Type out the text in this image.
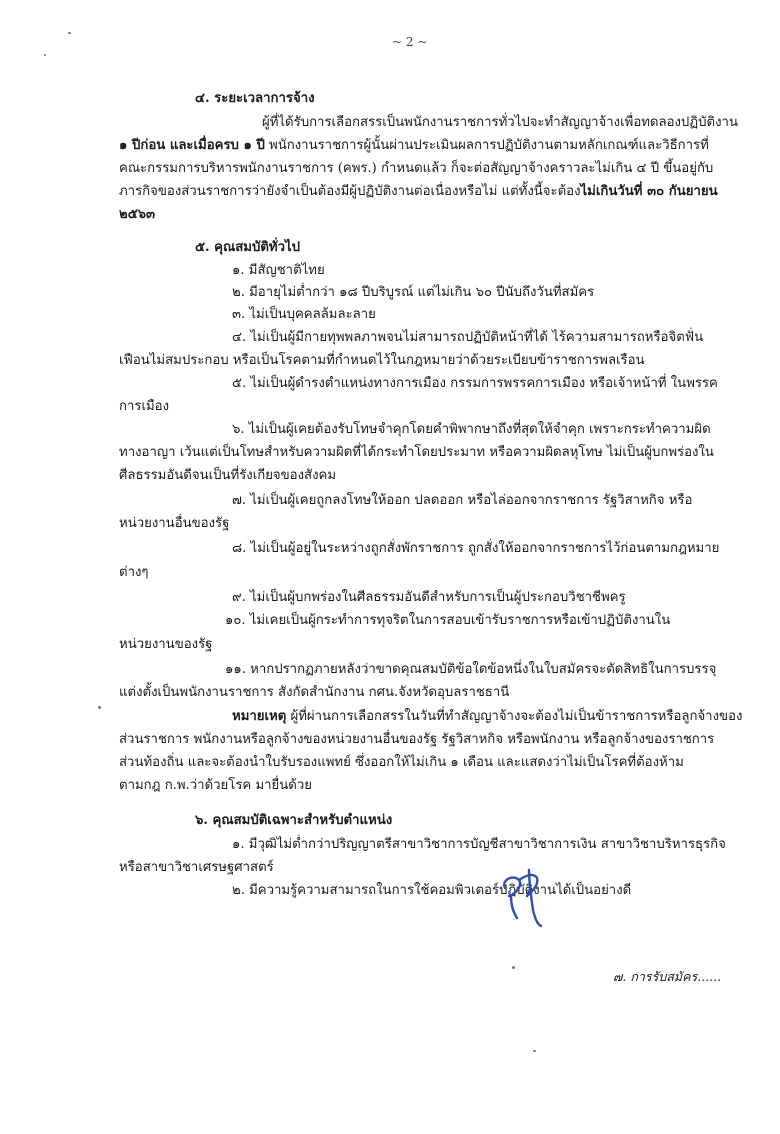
~ 2 ~
๔. ระยะเวลาการจ้าง
ผู้ที่ได้รับการเลือกสรรเป็นพนักงานราชการทั่วไปจะทำสัญญาจ้างเพื่อทดลองปฏิบัติงาน
๑ ปีก่อน และเมื่อครบ ๑ ปี พนักงานราชการผู้นั้นผ่านประเมินผลการปฏิบัติงานตามหลักเกณฑ์และวิธีการที่
คณะกรรมการบริหารพนักงานราชการ (คพร.) กำหนดแล้ว ก็จะต่อสัญญาจ้างคราวละไม่เกิน ๔ ปี ขึ้นอยู่กับ
ภารกิจของส่วนราชการว่ายังจำเป็นต้องมีผู้ปฏิบัติงานต่อเนื่องหรือไม่ แต่ทั้งนี้จะต้องไม่เกินวันที่ ๓๐ กันยายน
๒๕๖๓
๕. คุณสมบัติทั่วไป
๑. มีสัญชาติไทย
๒. มีอายุไม่ต่ำกว่า ๑๘ ปีบริบูรณ์ แต่ไม่เกิน ๖๐ ปีนับถึงวันที่สมัคร
๓. ไม่เป็นบุคคลล้มละลาย
๔. ไม่เป็นผู้มีกายทุพพลภาพจนไม่สามารถปฏิบัติหน้าที่ได้ ไร้ความสามารถหรือจิตฟั่น
เฟือนไม่สมประกอบ หรือเป็นโรคตามที่กำหนดไว้ในกฎหมายว่าด้วยระเบียบข้าราชการพลเรือน
๕. ไม่เป็นผู้ดำรงตำแหน่งทางการเมือง กรรมการพรรคการเมือง หรือเจ้าหน้าที่ ในพรรค
การเมือง
๖. ไม่เป็นผู้เคยต้องรับโทษจำคุกโดยคำพิพากษาถึงที่สุดให้จำคุก เพราะกระทำความผิด
ทางอาญา เว้นแต่เป็นโทษสำหรับความผิดที่ได้กระทำโดยประมาท หรือความผิดลหุโทษ ไม่เป็นผู้บกพร่องใน
ศีลธรรมอันดีจนเป็นที่รังเกียจของสังคม
๗. ไม่เป็นผู้เคยถูกลงโทษให้ออก ปลดออก หรือไล่ออกจากราชการ รัฐวิสาหกิจ หรือ
หน่วยงานอื่นของรัฐ
๘. ไม่เป็นผู้อยู่ในระหว่างถูกสั่งพักราชการ ถูกสั่งให้ออกจากราชการไว้ก่อนตามกฎหมาย
ต่างๆ
๙. ไม่เป็นผู้บกพร่องในศีลธรรมอันดีสำหรับการเป็นผู้ประกอบวิชาชีพครู
๑๐. ไม่เคยเป็นผู้กระทำการทุจริตในการสอบเข้ารับราชการหรือเข้าปฏิบัติงานใน
หน่วยงานของรัฐ
๑๑. หากปรากฏภายหลังว่าขาดคุณสมบัติข้อใดข้อหนึ่งในใบสมัครจะตัดสิทธิในการบรรจุ
แต่งตั้งเป็นพนักงานราชการ สังกัดสำนักงาน กศน.จังหวัดอุบลราชธานี
หมายเหตุ ผู้ที่ผ่านการเลือกสรรในวันที่ทำสัญญาจ้างจะต้องไม่เป็นข้าราชการหรือลูกจ้างของ
ส่วนราชการ พนักงานหรือลูกจ้างของหน่วยงานอื่นของรัฐ รัฐวิสาหกิจ หรือพนักงาน หรือลูกจ้างของราชการ
ส่วนท้องถิ่น และจะต้องนำใบรับรองแพทย์ ซึ่งออกให้ไม่เกิน ๑ เดือน และแสดงว่าไม่เป็นโรคที่ต้องห้าม
ตามกฎ ก.พ.ว่าด้วยโรค มายื่นด้วย
๖. คุณสมบัติเฉพาะสำหรับตำแหน่ง
๑. มีวุฒิไม่ต่ำกว่าปริญญาตรีสาขาวิชาการบัญชีสาขาวิชาการเงิน สาขาวิชาบริหารธุรกิจ
หรือสาขาวิชาเศรษฐศาสตร์
๒. มีความรู้ความสามารถในการใช้คอมพิวเตอร์ปฏิบัติงานได้เป็นอย่างดี
๗. การรับสมัคร......
